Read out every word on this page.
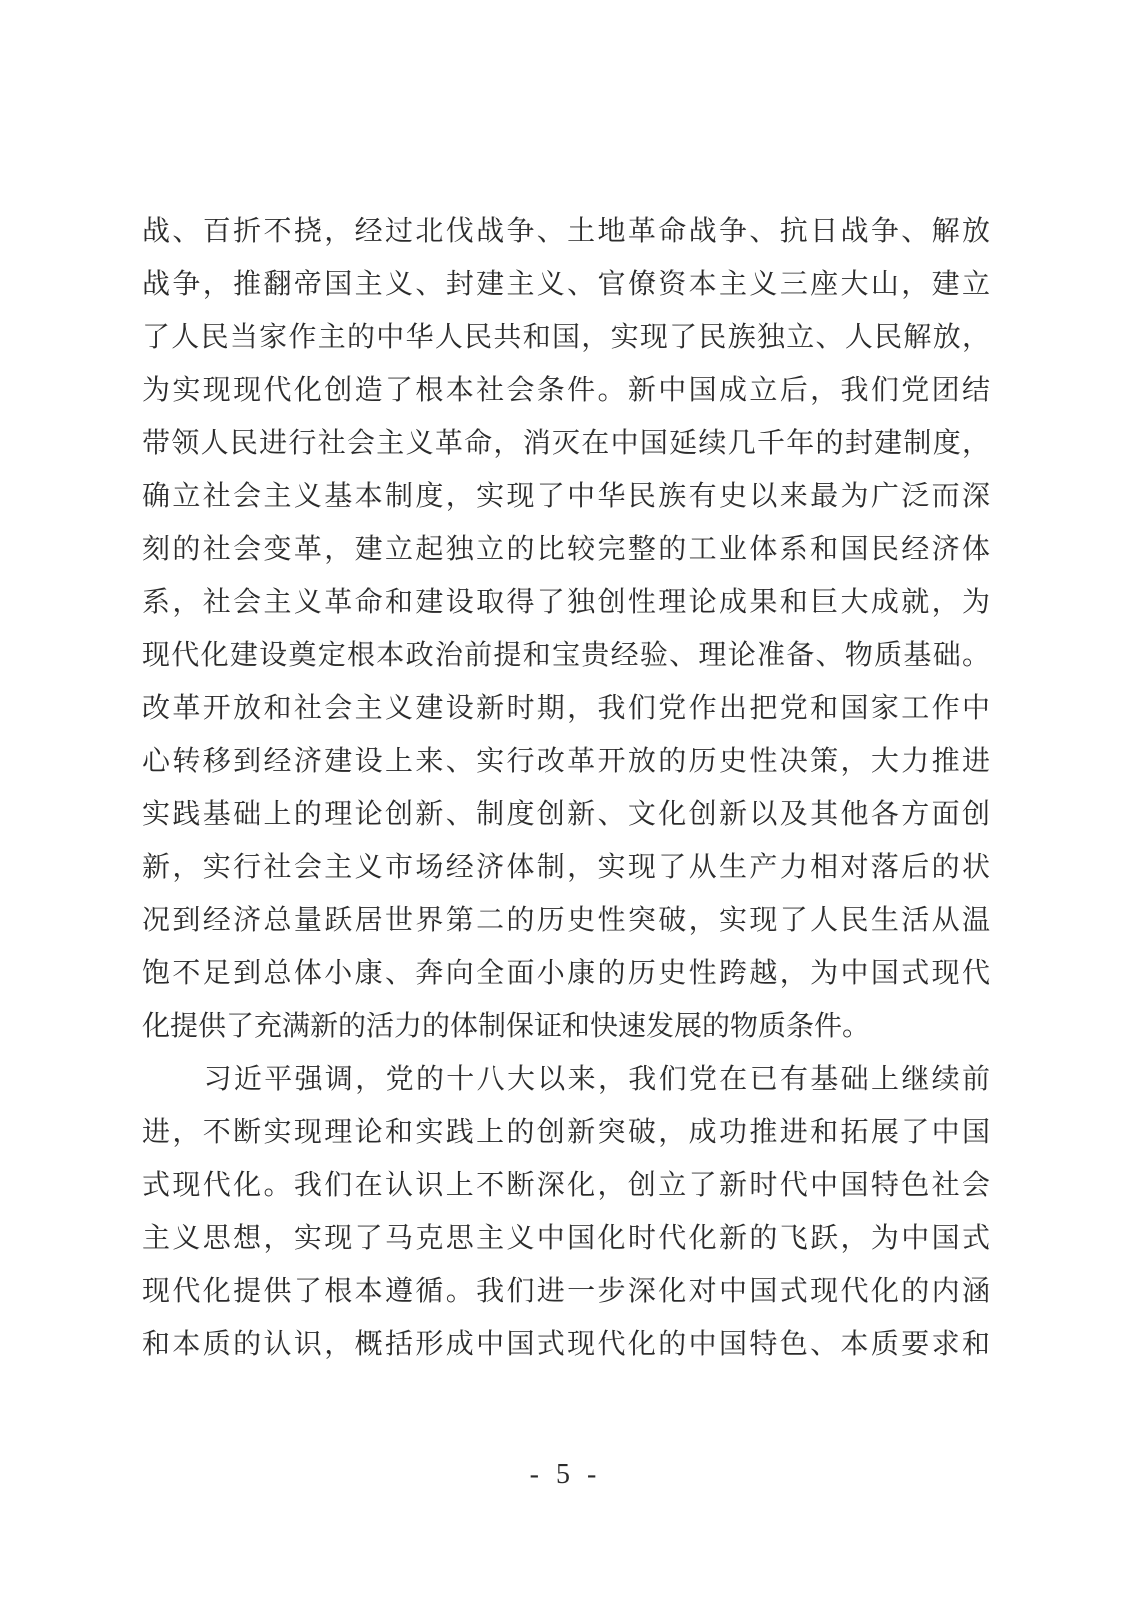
战、百折不挠，经过北伐战争、土地革命战争、抗日战争、解放
战争，推翻帝国主义、封建主义、官僚资本主义三座大山，建立
了人民当家作主的中华人民共和国，实现了民族独立、人民解放，
为实现现代化创造了根本社会条件。新中国成立后，我们党团结
带领人民进行社会主义革命，消灭在中国延续几千年的封建制度，
确立社会主义基本制度，实现了中华民族有史以来最为广泛而深
刻的社会变革，建立起独立的比较完整的工业体系和国民经济体
系，社会主义革命和建设取得了独创性理论成果和巨大成就，为
现代化建设奠定根本政治前提和宝贵经验、理论准备、物质基础。
改革开放和社会主义建设新时期，我们党作出把党和国家工作中
心转移到经济建设上来、实行改革开放的历史性决策，大力推进
实践基础上的理论创新、制度创新、文化创新以及其他各方面创
新，实行社会主义市场经济体制，实现了从生产力相对落后的状
况到经济总量跃居世界第二的历史性突破，实现了人民生活从温
饱不足到总体小康、奔向全面小康的历史性跨越，为中国式现代
化提供了充满新的活力的体制保证和快速发展的物质条件。
习近平强调，党的十八大以来，我们党在已有基础上继续前
进，不断实现理论和实践上的创新突破，成功推进和拓展了中国
式现代化。我们在认识上不断深化，创立了新时代中国特色社会
主义思想，实现了马克思主义中国化时代化新的飞跃，为中国式
现代化提供了根本遵循。我们进一步深化对中国式现代化的内涵
和本质的认识，概括形成中国式现代化的中国特色、本质要求和
- 5 -
